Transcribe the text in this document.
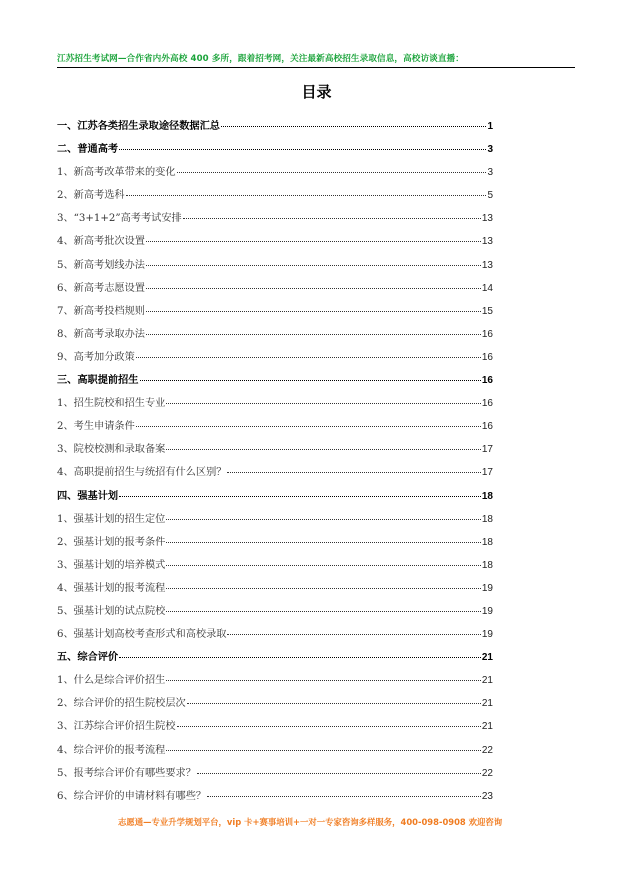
江苏招生考试网—合作省内外高校 400 多所，跟着招考网，关注最新高校招生录取信息，高校访谈直播：
目录
一、江苏各类招生录取途径数据汇总	1
二、普通高考	3
1、新高考改革带来的变化	3
2、新高考选科	5
3、“3+1+2”高考考试安排	13
4、新高考批次设置	13
5、新高考划线办法	13
6、新高考志愿设置	14
7、新高考投档规则	15
8、新高考录取办法	16
9、高考加分政策	16
三、高职提前招生	16
1、招生院校和招生专业	16
2、考生申请条件	16
3、院校校测和录取备案	17
4、高职提前招生与统招有什么区别？	17
四、强基计划	18
1、强基计划的招生定位	18
2、强基计划的报考条件	18
3、强基计划的培养模式	18
4、强基计划的报考流程	19
5、强基计划的试点院校	19
6、强基计划高校考查形式和高校录取	19
五、综合评价	21
1、什么是综合评价招生	21
2、综合评价的招生院校层次	21
3、江苏综合评价招生院校	21
4、综合评价的报考流程	22
5、报考综合评价有哪些要求？	22
6、综合评价的申请材料有哪些？	23
志愿通—专业升学规划平台，vip 卡+赛事培训+一对一专家咨询多样服务，400-098-0908 欢迎咨询
